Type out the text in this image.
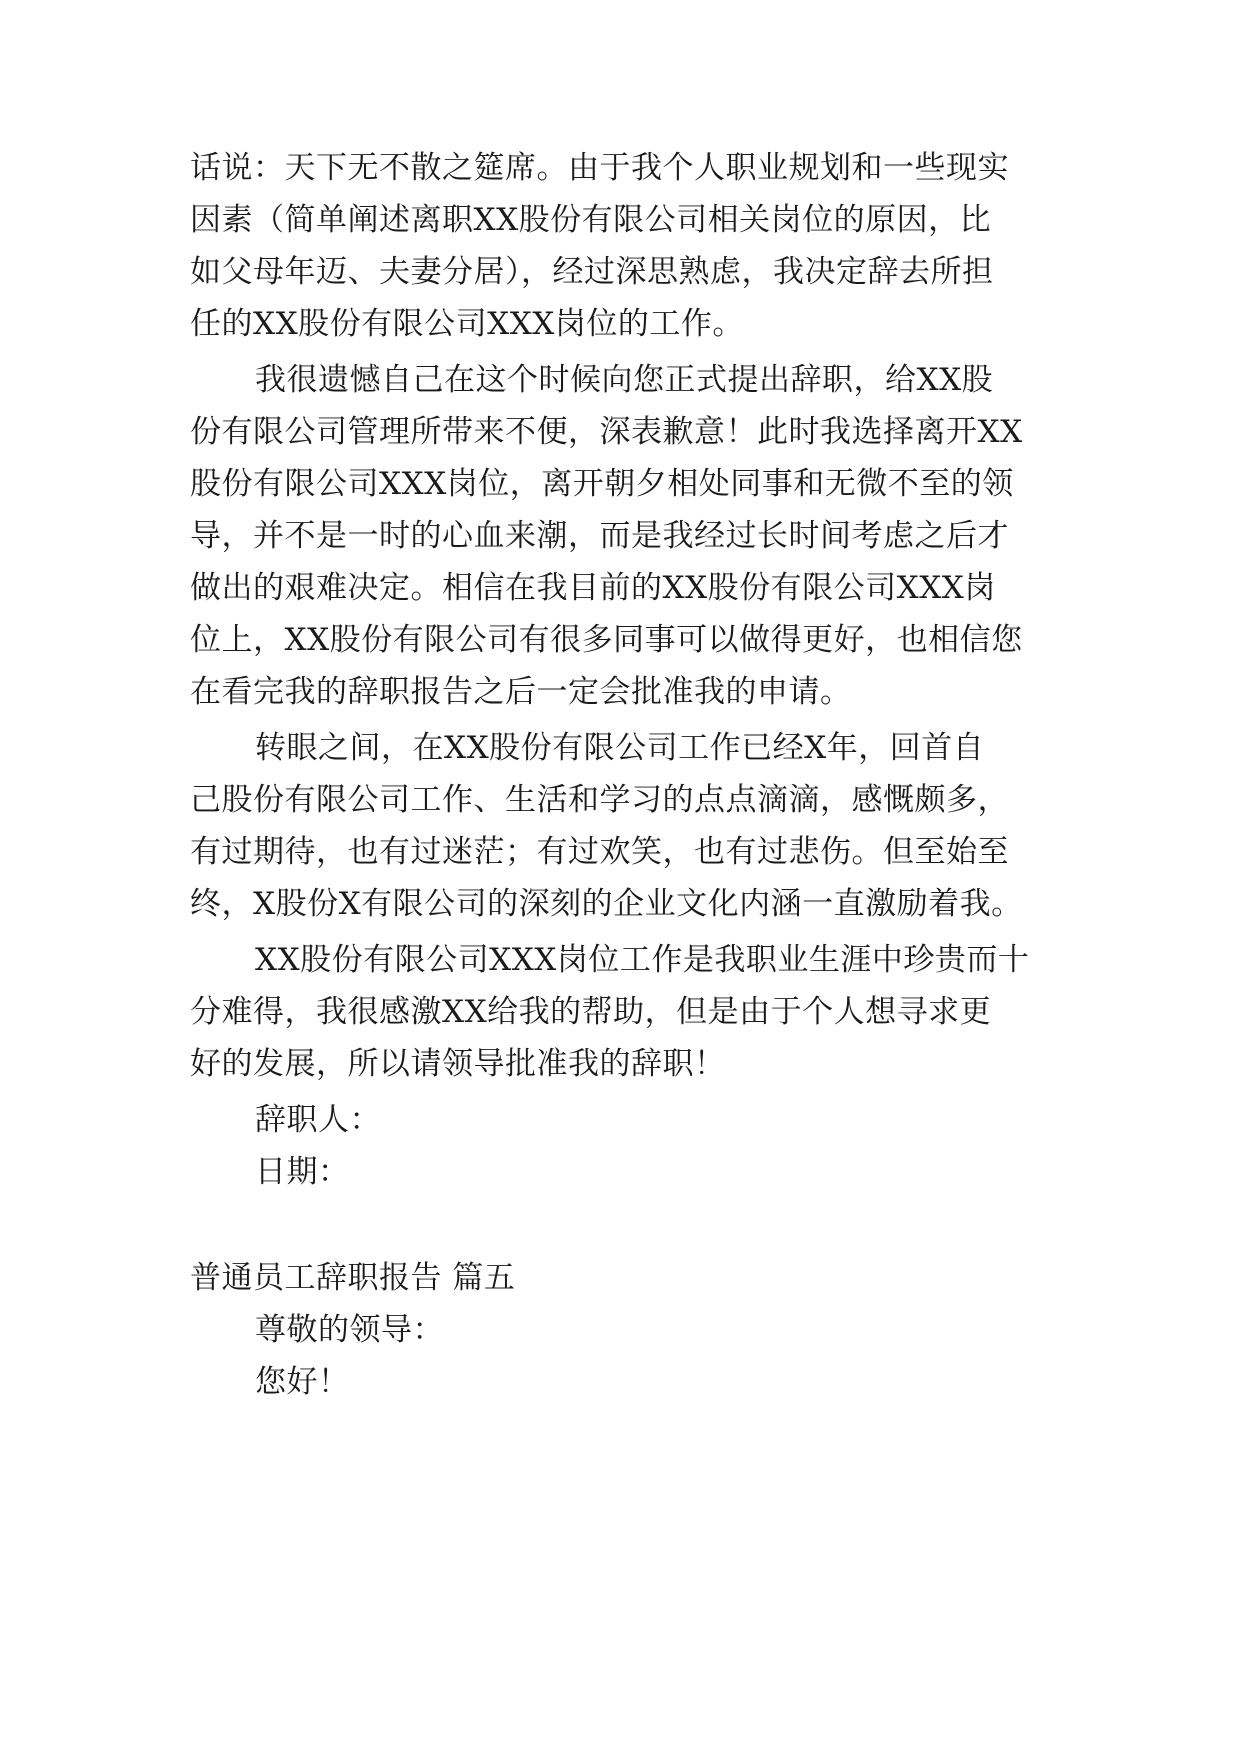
话说：天下无不散之筵席。由于我个人职业规划和一些现实
因素（简单阐述离职XX股份有限公司相关岗位的原因，比
如父母年迈、夫妻分居），经过深思熟虑，我决定辞去所担
任的XX股份有限公司XXX岗位的工作。
我很遗憾自己在这个时候向您正式提出辞职，给XX股
份有限公司管理所带来不便，深表歉意！此时我选择离开XX
股份有限公司XXX岗位，离开朝夕相处同事和无微不至的领
导，并不是一时的心血来潮，而是我经过长时间考虑之后才
做出的艰难决定。相信在我目前的XX股份有限公司XXX岗
位上，XX股份有限公司有很多同事可以做得更好，也相信您
在看完我的辞职报告之后一定会批准我的申请。
转眼之间，在XX股份有限公司工作已经X年，回首自
己股份有限公司工作、生活和学习的点点滴滴，感慨颇多，
有过期待，也有过迷茫；有过欢笑，也有过悲伤。但至始至
终，X股份X有限公司的深刻的企业文化内涵一直激励着我。
XX股份有限公司XXX岗位工作是我职业生涯中珍贵而十
分难得，我很感激XX给我的帮助，但是由于个人想寻求更
好的发展，所以请领导批准我的辞职！
辞职人：
日期：
普通员工辞职报告 篇五
尊敬的领导：
您好！
